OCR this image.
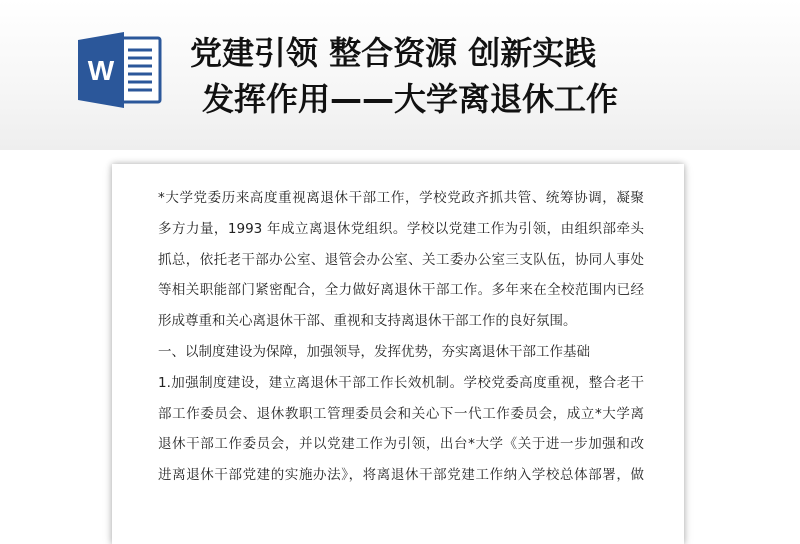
W 党建引领 整合资源 创新实践
发挥作用——大学离退休工作
*大学党委历来高度重视离退休干部工作，学校党政齐抓共管、统筹协调，凝聚
多方力量，1993 年成立离退休党组织。学校以党建工作为引领，由组织部牵头
抓总，依托老干部办公室、退管会办公室、关工委办公室三支队伍，协同人事处
等相关职能部门紧密配合，全力做好离退休干部工作。多年来在全校范围内已经
形成尊重和关心离退休干部、重视和支持离退休干部工作的良好氛围。
一、以制度建设为保障，加强领导，发挥优势，夯实离退休干部工作基础
1.加强制度建设，建立离退休干部工作长效机制。学校党委高度重视，整合老干
部工作委员会、退休教职工管理委员会和关心下一代工作委员会，成立*大学离
退休干部工作委员会，并以党建工作为引领，出台*大学《关于进一步加强和改
进离退休干部党建的实施办法》，将离退休干部党建工作纳入学校总体部署，做
